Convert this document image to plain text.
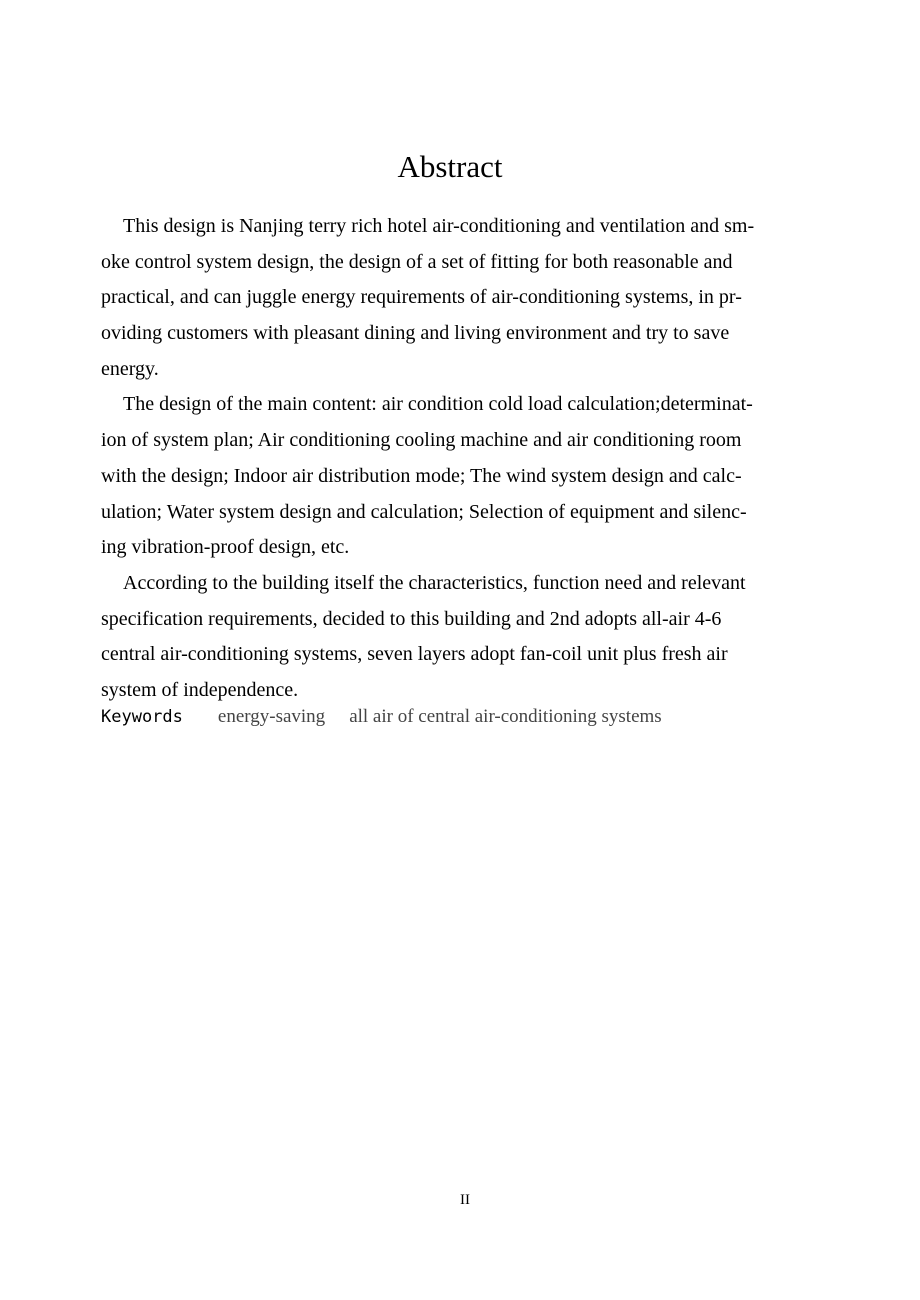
Abstract
This design is Nanjing terry rich hotel air-conditioning and ventilation and sm-
oke control system design, the design of a set of fitting for both reasonable and
practical, and can juggle energy requirements of air-conditioning systems, in pr-
oviding customers with pleasant dining and living environment and try to save
energy.
The design of the main content: air condition cold load calculation;determinat-
ion of system plan; Air conditioning cooling machine and air conditioning room
with the design; Indoor air distribution mode; The wind system design and calc-
ulation; Water system design and calculation; Selection of equipment and silenc-
ing vibration-proof design, etc.
According to the building itself the characteristics, function need and relevant
specification requirements, decided to this building and 2nd adopts all-air 4-6
central air-conditioning systems, seven layers adopt fan-coil unit plus fresh air
system of independence.
Keywords energy-saving all air of central air-conditioning systems
II
